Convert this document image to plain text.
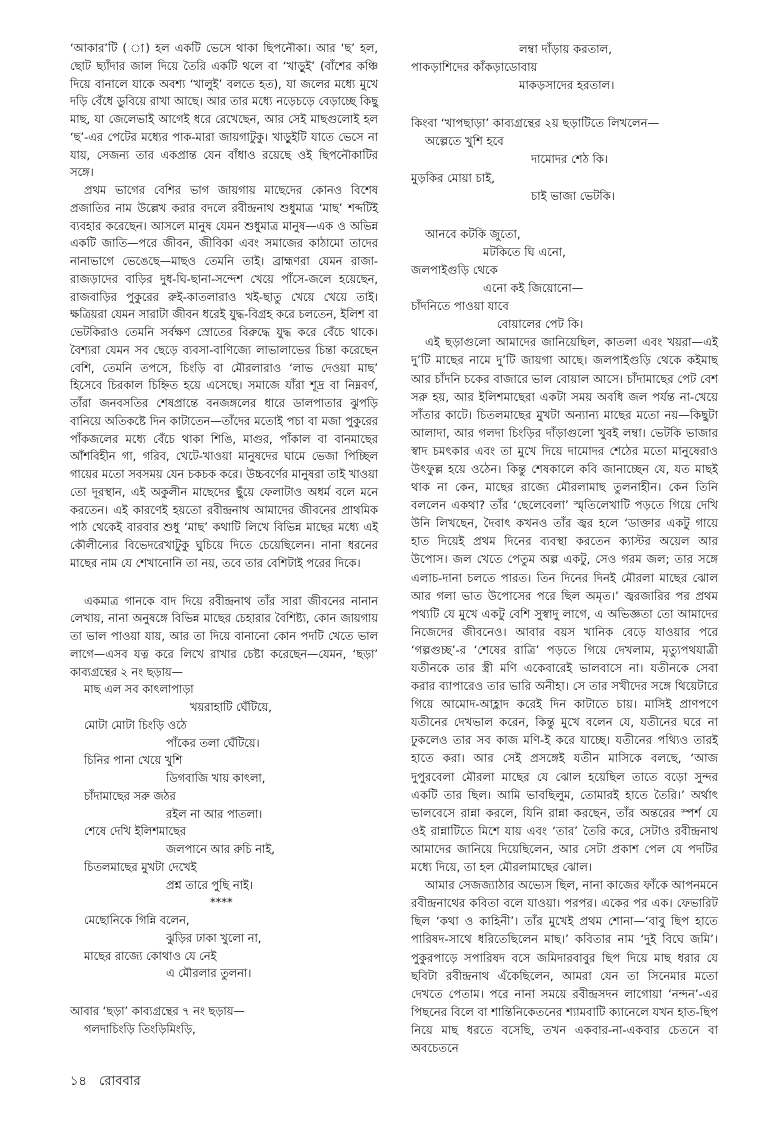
‘আকার’টি ( া) হল একটি ভেসে থাকা ছিপনৌকা। আর ‘ছ’ হল, ছোট ছ্যাঁদার জাল দিয়ে তৈরি একটি থলে বা ‘খাড়ুই’ (বাঁশের কঞ্চি দিয়ে বানালে যাকে অবশ্য ‘খালুই’ বলতে হত), যা জলের মধ্যে মুখে দড়ি বেঁধে ডুবিয়ে রাখা আছে। আর তার মধ্যে নড়েচড়ে বেড়াচ্ছে কিছু মাছ, যা জেলেভাই আগেই ধরে রেখেছেন, আর সেই মাছগুলোই হল ‘ছ’-এর পেটের মধ্যের পাক-মারা জায়গাটুকু। খাড়ুইটি যাতে ভেসে না যায়, সেজন্য তার একপ্রান্ত যেন বাঁধাও রয়েছে ওই ছিপনৌকাটির সঙ্গে।

প্রথম ভাগের বেশির ভাগ জায়গায় মাছেদের কোনও বিশেষ প্রজাতির নাম উল্লেখ করার বদলে রবীন্দ্রনাথ শুধুমাত্র ‘মাছ’ শব্দটিই ব্যবহার করেছেন। আসলে মানুষ যেমন শুধুমাত্র মানুষ—এক ও অভিন্ন একটি জাতি—পরে জীবন, জীবিকা এবং সমাজের কাঠামো তাদের নানাভাগে ভেঙেছে—মাছও তেমনি তাই। ব্রাহ্মণরা যেমন রাজা-রাজড়াদের বাড়ির দুধ-ঘি-ছানা-সন্দেশ খেয়ে পাঁসে-জলে হয়েছেন, রাজবাড়ির পুকুরের রুই-কাতলারাও খই-ছাতু খেয়ে খেয়ে তাই। ক্ষত্রিয়রা যেমন সারাটা জীবন ধরেই যুদ্ধ-বিগ্রহ করে চলতেন, ইলিশ বা ভেটকিরাও তেমনি সর্বক্ষণ স্রোতের বিরুদ্ধে যুদ্ধ করে বেঁচে থাকে। বৈশ্যরা যেমন সব ছেড়ে ব্যবসা-বাণিজ্যে লাভালাভের চিন্তা করেছেন বেশি, তেমনি তপসে, চিংড়ি বা মৌরলারাও ‘লাভ দেওয়া মাছ’ হিসেবে চিরকাল চিহ্নিত হয়ে এসেছে। সমাজে যাঁরা শূদ্র বা নিম্নবর্ণ, তাঁরা জনবসতির শেষপ্রান্তে বনজঙ্গলের ধারে ডালপাতার ঝুপড়ি বানিয়ে অতিকষ্টে দিন কাটাতেন—তাঁদের মতোই পচা বা মজা পুকুরের পাঁকজলের মধ্যে বেঁচে থাকা শিঙি, মাগুর, পাঁকাল বা বানমাছের আঁশবিহীন গা, গরিব, খেটে-খাওয়া মানুষদের ঘামে ভেজা পিচ্ছিল গায়ের মতো সবসময় যেন চকচক করে। উচ্চবর্ণের মানুষরা তাই খাওয়া তো দূরস্থান, এই অকুলীন মাছেদের ছুঁয়ে ফেলাটাও অধর্ম বলে মনে করতেন। এই কারণেই হয়তো রবীন্দ্রনাথ আমাদের জীবনের প্রাথমিক পাঠ থেকেই বারবার শুধু ‘মাছ’ কথাটি লিখে বিভিন্ন মাছের মধ্যে এই কৌলীন্যের বিভেদরেখাটুকু ঘুচিয়ে দিতে চেয়েছিলেন। নানা ধরনের মাছের নাম যে শেখানোনি তা নয়, তবে তার বেশিটাই পরের দিকে।

একমাত্র গানকে বাদ দিয়ে রবীন্দ্রনাথ তাঁর সারা জীবনের নানান লেখায়, নানা অনুষঙ্গে বিভিন্ন মাছের চেহারার বৈশিষ্ট্য, কোন জায়গায় তা ভাল পাওয়া যায়, আর তা দিয়ে বানানো কোন পদটি খেতে ভাল লাগে—এসব যত্ন করে লিখে রাখার চেষ্টা করেছেন—যেমন, ‘ছড়া’ কাব্যগ্রন্থের ২ নং ছড়ায়—

মাছ এল সব কাৎলাপাড়া
খয়রাহাটি ঘেঁটিয়ে,
মোটা মোটা চিংড়ি ওঠে
পাঁকের তলা ঘেঁটিয়ে।
চিনির পানা খেয়ে খুশি
ডিগবাজি খায় কাৎলা,
চাঁদামাছের সরু জঠর
রইল না আর পাতলা।
শেষে দেখি ইলিশমাছের
জলপানে আর রুচি নাই,
চিতলমাছের মুখটা দেখেই
প্রশ্ন তারে পুছি নাই।
****
মেছোনিকে গিন্নি বলেন,
ঝুড়ির ঢাকা খুলো না,
মাছের রাজ্যে কোথাও যে নেই
এ মৌরলার তুলনা।

আবার ‘ছড়া’ কাব্যগ্রন্থের ৭ নং ছড়ায়—

গলদাচিংড়ি তিংড়িমিংড়ি,
লম্বা দাঁড়ায় করতাল,
পাকড়াশিদের কাঁকড়াডোবায়
মাকড়সাদের হরতাল।

কিংবা ‘খাপছাড়া’ কাব্যগ্রন্থের ২য় ছড়াটিতে লিখলেন—

অল্পেতে খুশি হবে
দামোদর শেঠ কি।
মুড়কির মোয়া চাই,
চাই ভাজা ভেটকি।
আনবে কটকি জুতো,
মটকিতে ঘি এনো,
জলপাইগুড়ি থেকে
এনো কই জিয়োনো—
চাঁদনিতে পাওয়া যাবে
বোয়ালের পেট কি।

এই ছড়াগুলো আমাদের জানিয়েছিল, কাতলা এবং খয়রা—এই দু’টি মাছের নামে দু’টি জায়গা আছে। জলপাইগুড়ি থেকে কইমাছ আর চাঁদনি চকের বাজারে ভাল বোয়াল আসে। চাঁদামাছের পেট বেশ সরু হয়, আর ইলিশমাছেরা একটা সময় অবধি জল পর্যন্ত না-খেয়ে সাঁতার কাটে। চিতলমাছের মুখটা অন্যান্য মাছের মতো নয়—কিছুটা আলাদা, আর গলদা চিংড়ির দাঁড়াগুলো খুবই লম্বা। ভেটকি ভাজার স্বাদ চমৎকার এবং তা মুখে দিয়ে দামোদর শেঠের মতো মানুষেরাও উৎফুল্ল হয়ে ওঠেন। কিন্তু শেষকালে কবি জানাচ্ছেন যে, যত মাছই থাক না কেন, মাছের রাজ্যে মৌরলামাছ তুলনাহীন। কেন তিনি বললেন একথা? তাঁর ‘ছেলেবেলা’ স্মৃতিলেখাটি পড়তে গিয়ে দেখি উনি লিখছেন, দৈবাৎ কখনও তাঁর জ্বর হলে ‘ডাক্তার একটু গায়ে হাত দিয়েই প্রথম দিনের ব্যবস্থা করতেন ক্যাস্টর অয়েল আর উপোস। জল খেতে পেতুম অল্প একটু, সেও গরম জল; তার সঙ্গে এলাচ-দানা চলতে পারত। তিন দিনের দিনই মৌরলা মাছের ঝোল আর গলা ভাত উপোসের পরে ছিল অমৃত।’ জ্বরজারির পর প্রথম পথ্যটি যে মুখে একটু বেশি সুস্বাদু লাগে, এ অভিজ্ঞতা তো আমাদের নিজেদের জীবনেও। আবার বয়স খানিক বেড়ে যাওয়ার পরে ‘গল্পগুচ্ছ’-র ‘শেষের রাত্রি’ পড়তে গিয়ে দেখলাম, মৃত্যুপথযাত্রী যতীনকে তার স্ত্রী মণি একেবারেই ভালবাসে না। যতীনকে সেবা করার ব্যাপারেও তার ভারি অনীহা। সে তার সখীদের সঙ্গে থিয়েটারে গিয়ে আমোদ-আহ্লাদ করেই দিন কাটাতে চায়। মাসিই প্রাণপণে যতীনের দেখভাল করেন, কিন্তু মুখে বলেন যে, যতীনের ঘরে না ঢুকলেও তার সব কাজ মণি-ই করে যাচ্ছে। যতীনের পথ্যিও তারই হাতে করা। আর সেই প্রসঙ্গেই যতীন মাসিকে বলছে, ‘আজ দুপুরবেলা মৌরলা মাছের যে ঝোল হয়েছিল তাতে বড়ো সুন্দর একটি তার ছিল। আমি ভাবছিলুম, তোমারই হাতে তৈরি।’ অর্থাৎ ভালবেসে রান্না করলে, যিনি রান্না করছেন, তাঁর অন্তরের স্পর্শ যে ওই রান্নাটিতে মিশে যায় এবং ‘তার’ তৈরি করে, সেটাও রবীন্দ্রনাথ আমাদের জানিয়ে দিয়েছিলেন, আর সেটা প্রকাশ পেল যে পদটির মধ্যে দিয়ে, তা হল মৌরলামাছের ঝোল।

আমার সেজজ্যাঠার অভ্যেস ছিল, নানা কাজের ফাঁকে আপনমনে রবীন্দ্রনাথের কবিতা বলে যাওয়া। পরপর। একের পর এক। ফেভারিট ছিল ‘কথা ও কাহিনী’। তাঁর মুখেই প্রথম শোনা—‘বাবু ছিপ হাতে পারিষদ-সাথে ধরিতেছিলেন মাছ।’ কবিতার নাম ‘দুই বিঘে জমি’। পুকুরপাড়ে সপারিষদ বসে জমিদারবাবুর ছিপ দিয়ে মাছ ধরার যে ছবিটা রবীন্দ্রনাথ এঁকেছিলেন, আমরা যেন তা সিনেমার মতো দেখতে পেতাম। পরে নানা সময়ে রবীন্দ্রসদন লাগোয়া ‘নন্দন’-এর পিছনের বিলে বা শান্তিনিকেতনের শ্যামবাটি ক্যানেলে যখন হাত-ছিপ নিয়ে মাছ ধরতে বসেছি, তখন একবার-না-একবার চেতনে বা অবচেতনে

১৪ রোববার
